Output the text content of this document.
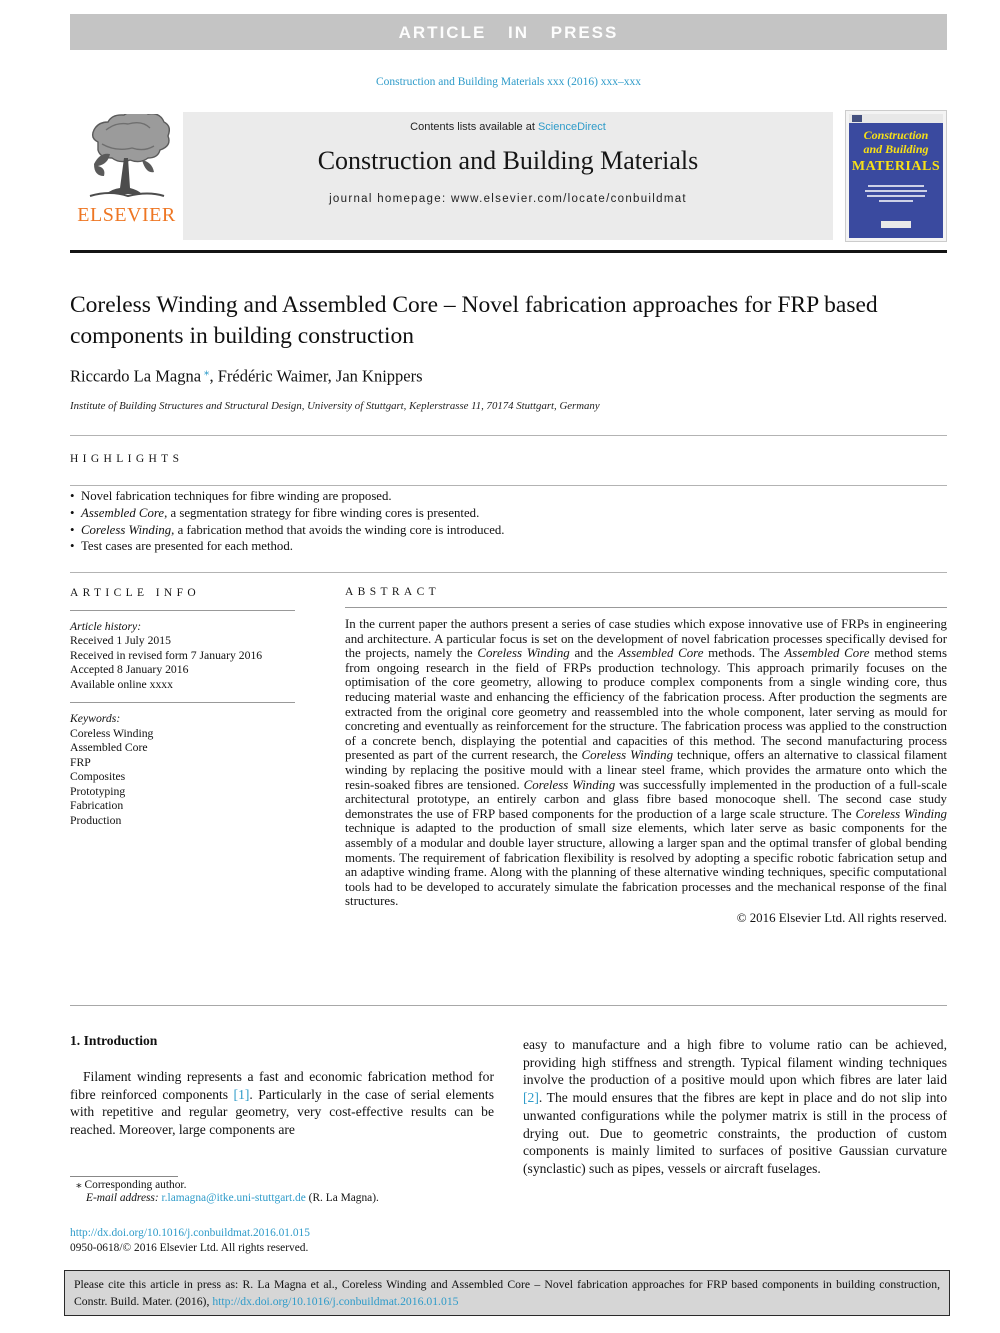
ARTICLE IN PRESS
Construction and Building Materials xxx (2016) xxx–xxx
ELSEVIER
Contents lists available at ScienceDirect
Construction and Building Materials
journal homepage: www.elsevier.com/locate/conbuildmat
Construction
and Building
MATERIALS
Coreless Winding and Assembled Core – Novel fabrication approaches for FRP based components in building construction
Riccardo La Magna ⁎, Frédéric Waimer, Jan Knippers
Institute of Building Structures and Structural Design, University of Stuttgart, Keplerstrasse 11, 70174 Stuttgart, Germany
HIGHLIGHTS
• Novel fabrication techniques for fibre winding are proposed.
• Assembled Core, a segmentation strategy for fibre winding cores is presented.
• Coreless Winding, a fabrication method that avoids the winding core is introduced.
• Test cases are presented for each method.
ARTICLE INFO
Article history:
Received 1 July 2015
Received in revised form 7 January 2016
Accepted 8 January 2016
Available online xxxx
Keywords:
Coreless Winding
Assembled Core
FRP
Composites
Prototyping
Fabrication
Production
ABSTRACT
In the current paper the authors present a series of case studies which expose innovative use of FRPs in engineering and architecture. A particular focus is set on the development of novel fabrication processes specifically devised for the projects, namely the Coreless Winding and the Assembled Core methods. The Assembled Core method stems from ongoing research in the field of FRPs production technology. This approach primarily focuses on the optimisation of the core geometry, allowing to produce complex components from a single winding core, thus reducing material waste and enhancing the efficiency of the fabrication process. After production the segments are extracted from the original core geometry and reassembled into the whole component, later serving as mould for concreting and eventually as reinforcement for the structure. The fabrication process was applied to the construction of a concrete bench, displaying the potential and capacities of this method. The second manufacturing process presented as part of the current research, the Coreless Winding technique, offers an alternative to classical filament winding by replacing the positive mould with a linear steel frame, which provides the armature onto which the resin-soaked fibres are tensioned. Coreless Winding was successfully implemented in the production of a full-scale architectural prototype, an entirely carbon and glass fibre based monocoque shell. The second case study demonstrates the use of FRP based components for the production of a large scale structure. The Coreless Winding technique is adapted to the production of small size elements, which later serve as basic components for the assembly of a modular and double layer structure, allowing a larger span and the optimal transfer of global bending moments. The requirement of fabrication flexibility is resolved by adopting a specific robotic fabrication setup and an adaptive winding frame. Along with the planning of these alternative winding techniques, specific computational tools had to be developed to accurately simulate the fabrication processes and the mechanical response of the final structures.
© 2016 Elsevier Ltd. All rights reserved.
1. Introduction
Filament winding represents a fast and economic fabrication method for fibre reinforced components [1]. Particularly in the case of serial elements with repetitive and regular geometry, very cost-effective results can be reached. Moreover, large components are
easy to manufacture and a high fibre to volume ratio can be achieved, providing high stiffness and strength. Typical filament winding techniques involve the production of a positive mould upon which fibres are later laid [2]. The mould ensures that the fibres are kept in place and do not slip into unwanted configurations while the polymer matrix is still in the process of drying out. Due to geometric constraints, the production of custom components is mainly limited to surfaces of positive Gaussian curvature (synclastic) such as pipes, vessels or aircraft fuselages.
⁎ Corresponding author.
E-mail address: r.lamagna@itke.uni-stuttgart.de (R. La Magna).
http://dx.doi.org/10.1016/j.conbuildmat.2016.01.015
0950-0618/© 2016 Elsevier Ltd. All rights reserved.
Please cite this article in press as: R. La Magna et al., Coreless Winding and Assembled Core – Novel fabrication approaches for FRP based components in building construction, Constr. Build. Mater. (2016), http://dx.doi.org/10.1016/j.conbuildmat.2016.01.015
